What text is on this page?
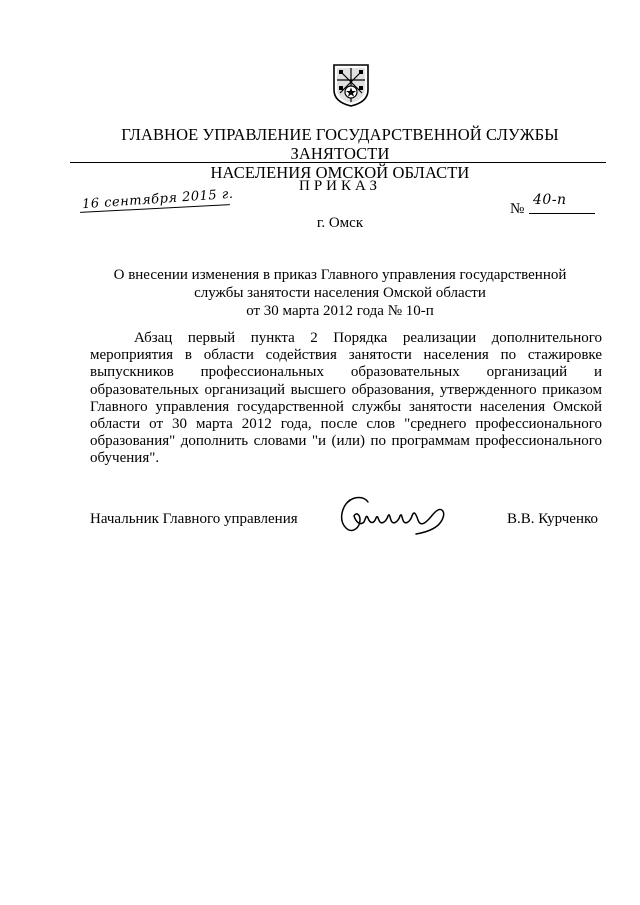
ГЛАВНОЕ УПРАВЛЕНИЕ ГОСУДАРСТВЕННОЙ СЛУЖБЫ ЗАНЯТОСТИ
НАСЕЛЕНИЯ ОМСКОЙ ОБЛАСТИ
ПРИКАЗ
16 сентября 2015 г.	№
40-п
г. Омск
О внесении изменения в приказ Главного управления государственной
службы занятости населения Омской области
от 30 марта 2012 года № 10-п
Абзац первый пункта 2 Порядка реализации дополнительного мероприятия в области содействия занятости населения по стажировке выпускников профессиональных образовательных организаций и образовательных организаций высшего образования, утвержденного приказом Главного управления государственной службы занятости населения Омской области от 30 марта 2012 года, после слов "среднего профессионального образования" дополнить словами "и (или) по программам профессионального обучения".
Начальник Главного управления	В.В. Курченко
